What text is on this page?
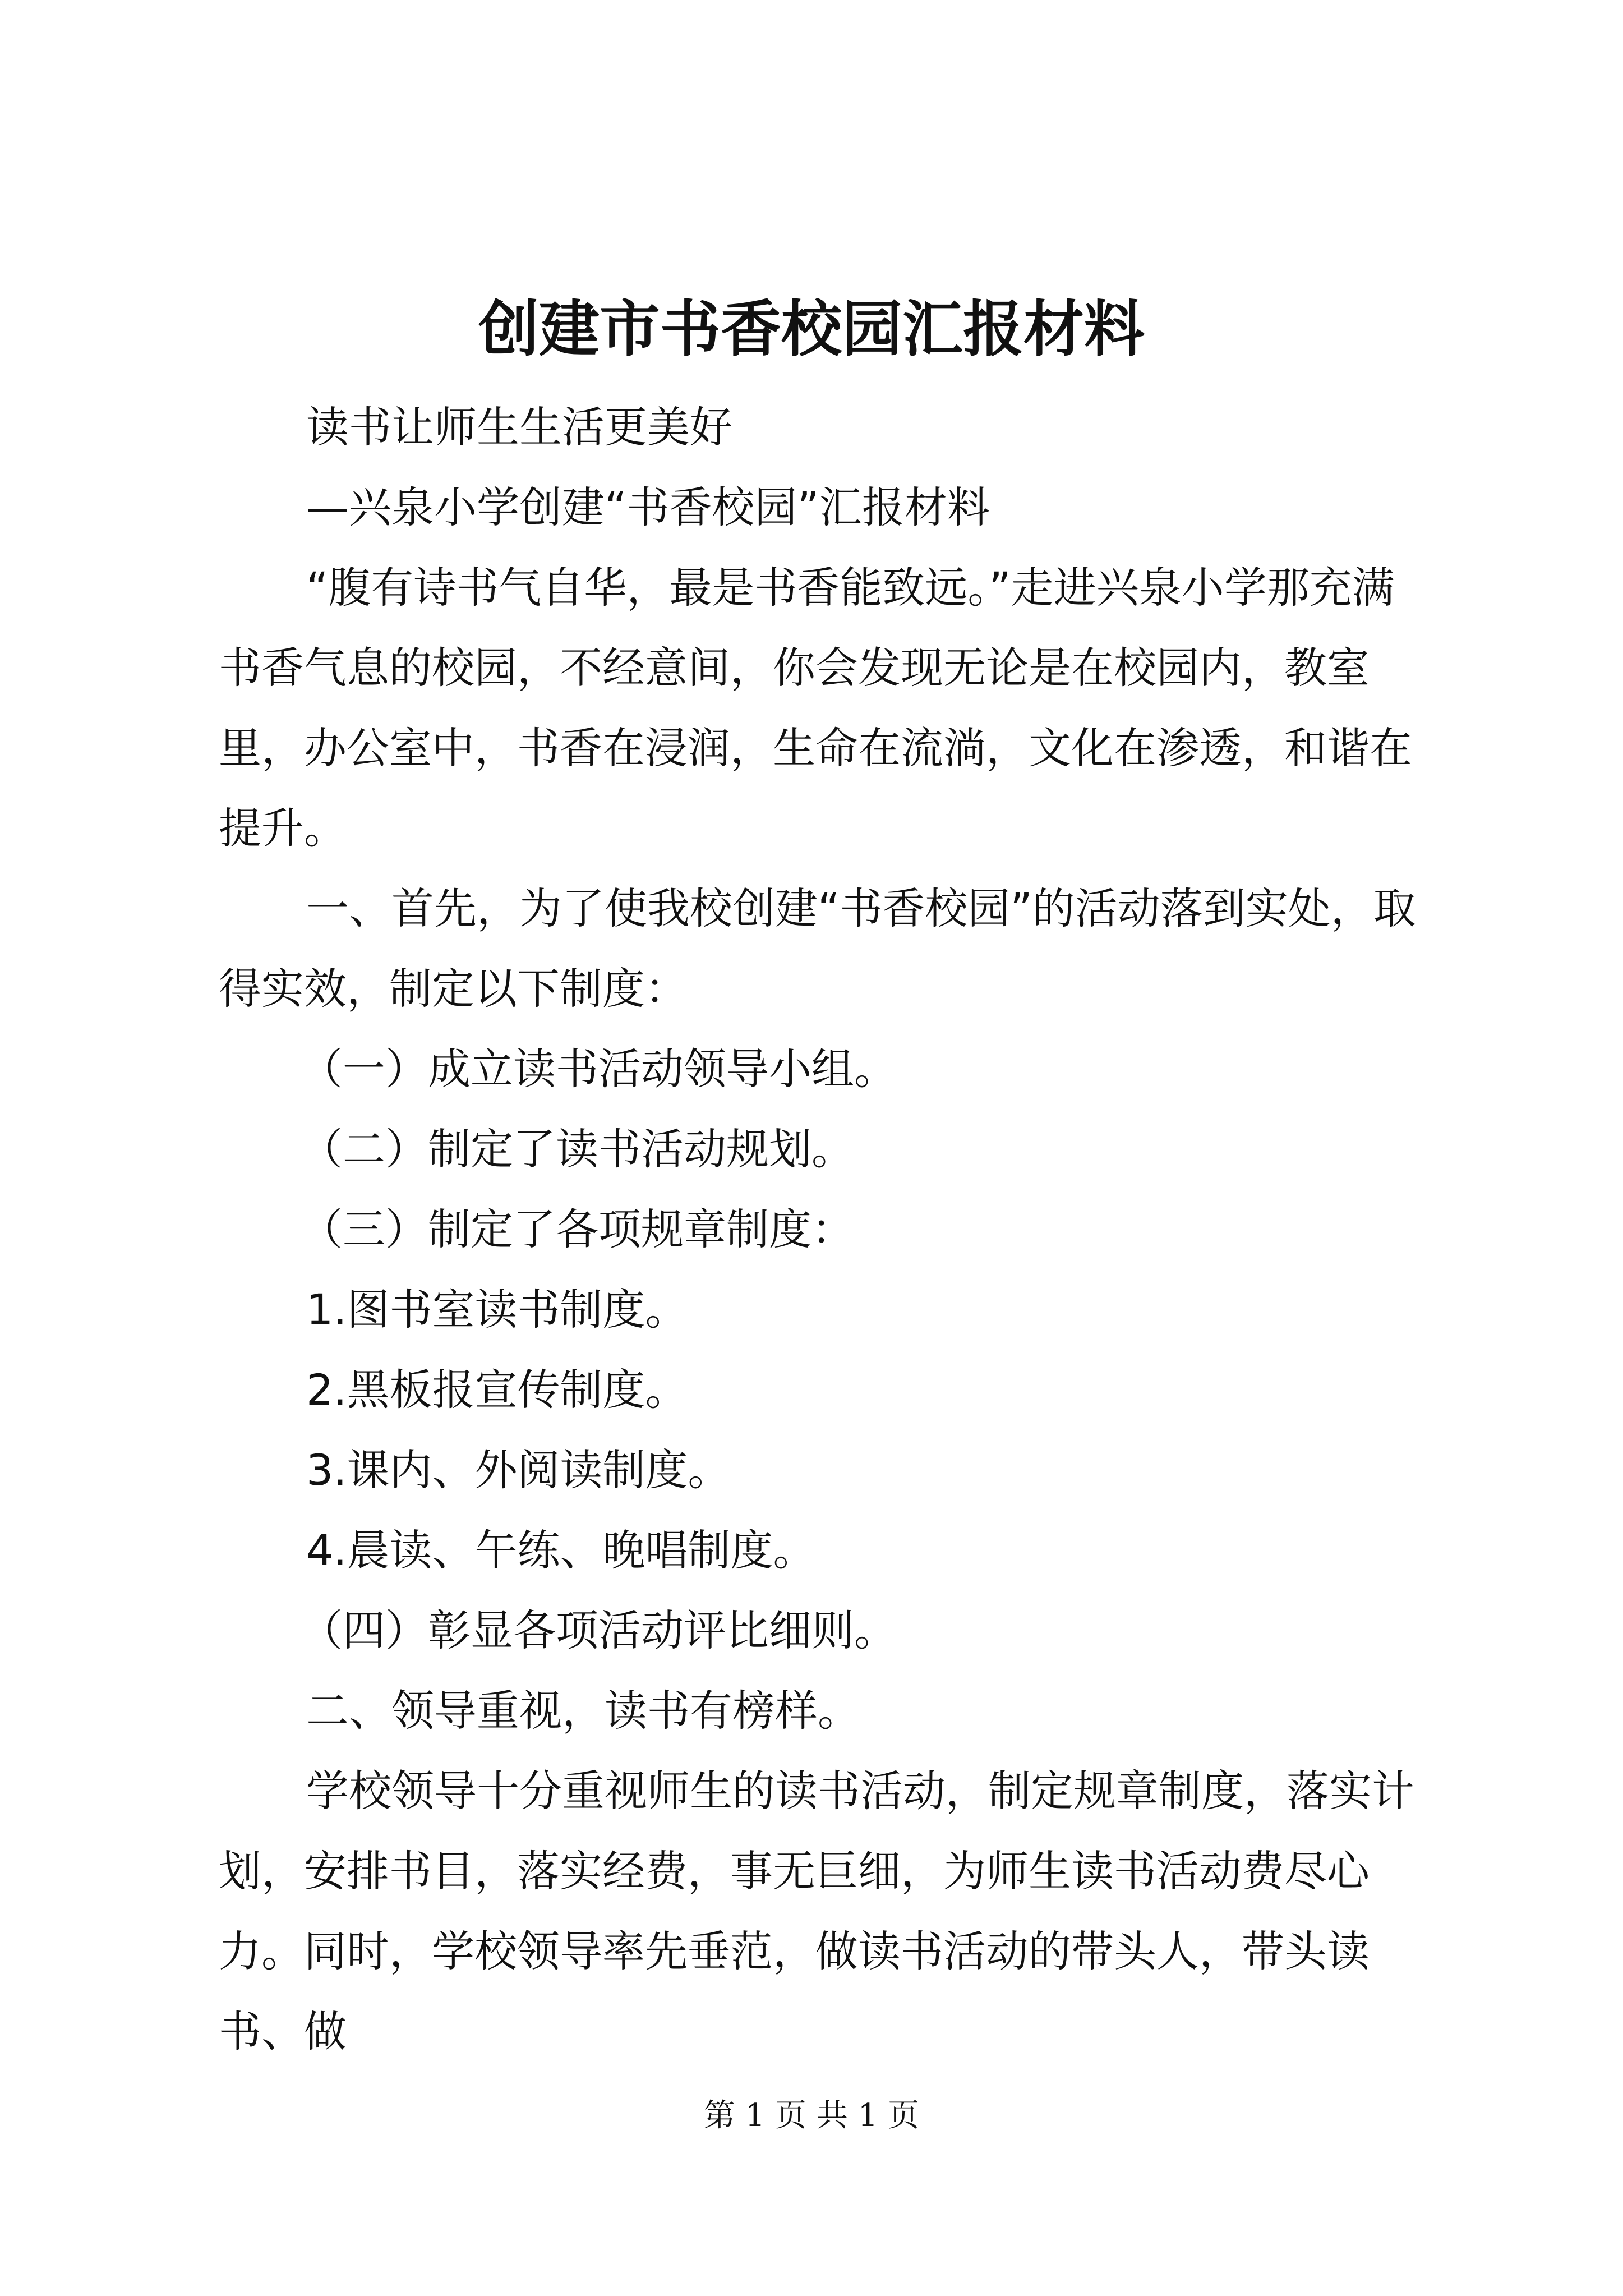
创建市书香校园汇报材料

读书让师生生活更美好

—兴泉小学创建“书香校园”汇报材料

“腹有诗书气自华，最是书香能致远。”走进兴泉小学那充满书香气息的校园，不经意间，你会发现无论是在校园内，教室里，办公室中，书香在浸润，生命在流淌，文化在渗透，和谐在提升。

一、首先，为了使我校创建“书香校园”的活动落到实处，取得实效，制定以下制度：

（一）成立读书活动领导小组。

（二）制定了读书活动规划。

（三）制定了各项规章制度：

1.图书室读书制度。

2.黑板报宣传制度。

3.课内、外阅读制度。

4.晨读、午练、晚唱制度。

（四）彰显各项活动评比细则。

二、领导重视，读书有榜样。

学校领导十分重视师生的读书活动，制定规章制度，落实计划，安排书目，落实经费，事无巨细，为师生读书活动费尽心力。同时，学校领导率先垂范，做读书活动的带头人，带头读书、做

第 1 页 共 1 页
